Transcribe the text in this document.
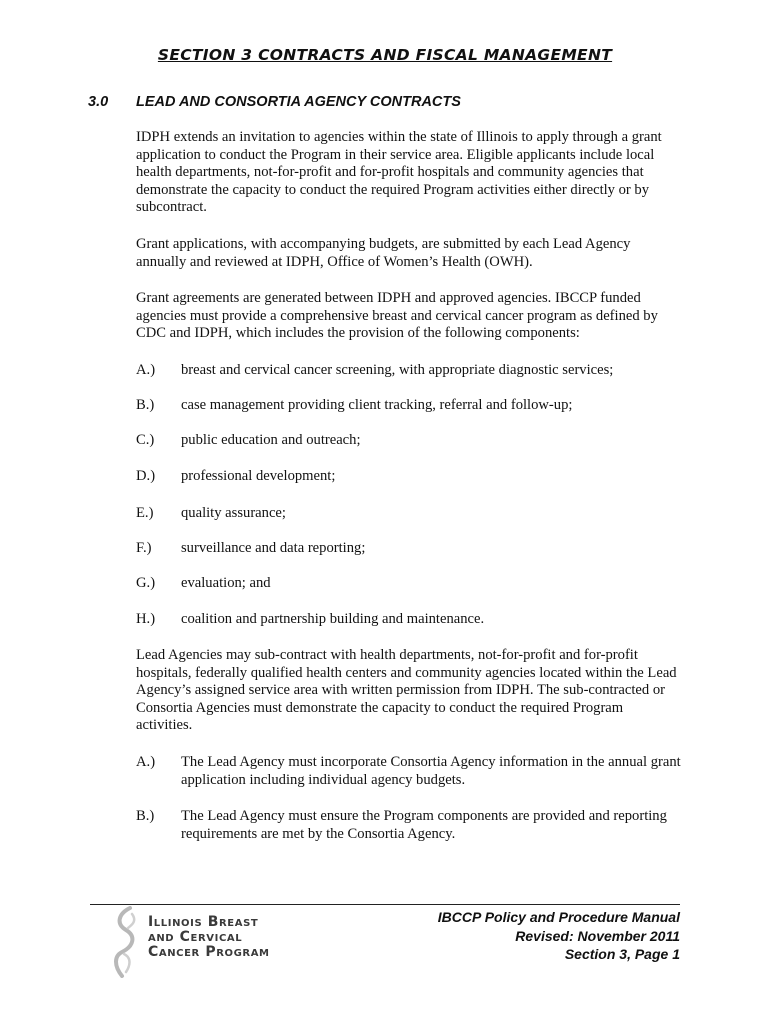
SECTION 3 CONTRACTS AND FISCAL MANAGEMENT
3.0 LEAD AND CONSORTIA AGENCY CONTRACTS

IDPH extends an invitation to agencies within the state of Illinois to apply through a grant application to conduct the Program in their service area. Eligible applicants include local health departments, not-for-profit and for-profit hospitals and community agencies that demonstrate the capacity to conduct the required Program activities either directly or by subcontract.

Grant applications, with accompanying budgets, are submitted by each Lead Agency annually and reviewed at IDPH, Office of Women’s Health (OWH).

Grant agreements are generated between IDPH and approved agencies. IBCCP funded agencies must provide a comprehensive breast and cervical cancer program as defined by CDC and IDPH, which includes the provision of the following components:

A.) breast and cervical cancer screening, with appropriate diagnostic services;
B.) case management providing client tracking, referral and follow-up;
C.) public education and outreach;
D.) professional development;
E.) quality assurance;
F.) surveillance and data reporting;
G.) evaluation; and
H.) coalition and partnership building and maintenance.

Lead Agencies may sub-contract with health departments, not-for-profit and for-profit hospitals, federally qualified health centers and community agencies located within the Lead Agency’s assigned service area with written permission from IDPH. The sub-contracted or Consortia Agencies must demonstrate the capacity to conduct the required Program activities.

A.) The Lead Agency must incorporate Consortia Agency information in the annual grant application including individual agency budgets.
B.) The Lead Agency must ensure the Program components are provided and reporting requirements are met by the Consortia Agency.
Illinois Breast
and Cervical
Cancer Program
IBCCP Policy and Procedure Manual
Revised: November 2011
Section 3, Page 1
